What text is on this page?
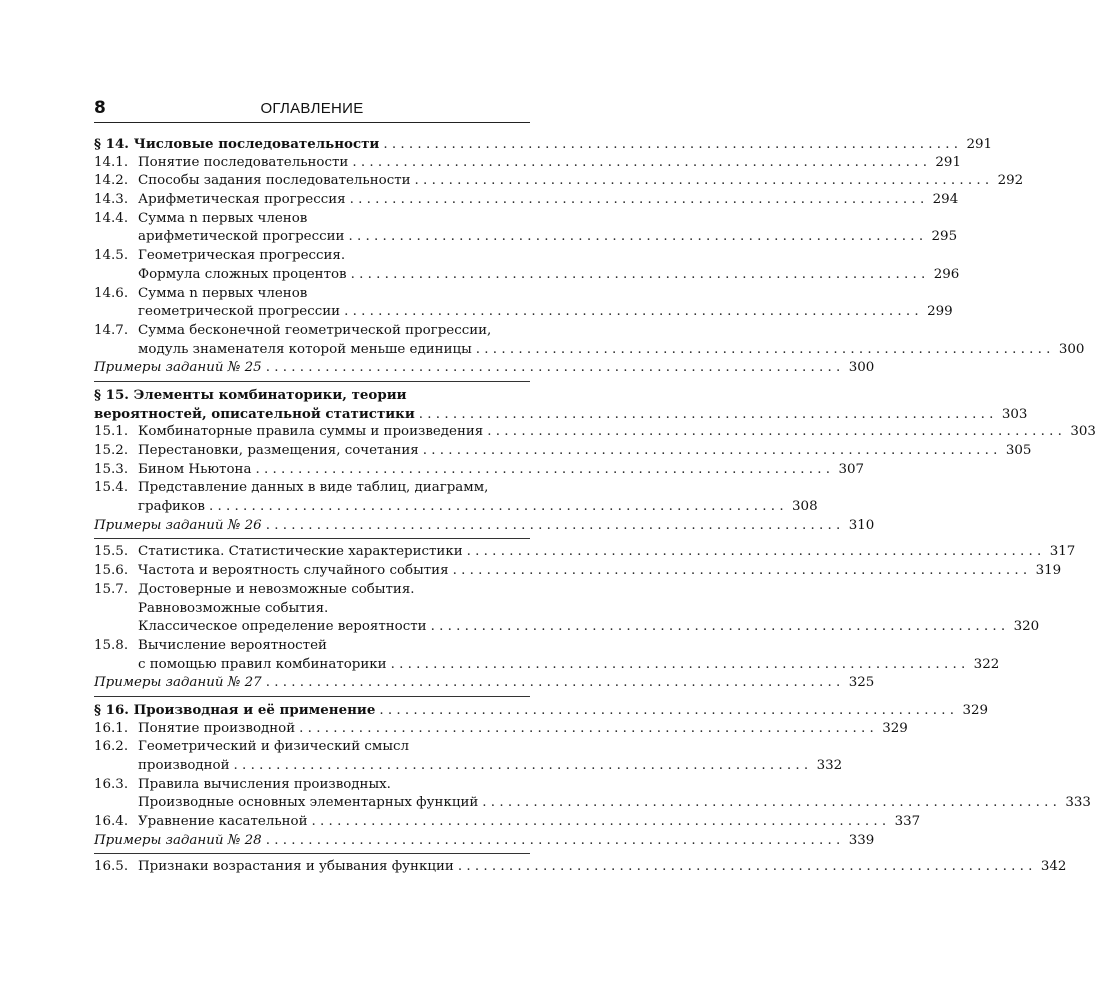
8	ОГЛАВЛЕНИЕ
§ 14. Числовые последовательности . . .	291
14.1. Понятие последовательности . . .	291
14.2. Способы задания последовательности . . .	292
14.3. Арифметическая прогрессия . . .	294
14.4. Сумма n первых членов
арифметической прогрессии . . .	295
14.5. Геометрическая прогрессия.
Формула сложных процентов . . .	296
14.6. Сумма n первых членов
геометрической прогрессии . . .	299
14.7. Сумма бесконечной геометрической прогрессии,
модуль знаменателя которой меньше единицы . . .	300
Примеры заданий № 25 . . .	300
§ 15. Элементы комбинаторики, теории
вероятностей, описательной статистики . . .	303
15.1. Комбинаторные правила суммы и произведения . . .	303
15.2. Перестановки, размещения, сочетания . . .	305
15.3. Бином Ньютона . . .	307
15.4. Представление данных в виде таблиц, диаграмм,
графиков . . .	308
Примеры заданий № 26 . . .	310
15.5. Статистика. Статистические характеристики . . .	317
15.6. Частота и вероятность случайного события . . .	319
15.7. Достоверные и невозможные события.
Равновозможные события.
Классическое определение вероятности . . .	320
15.8. Вычисление вероятностей
с помощью правил комбинаторики . . .	322
Примеры заданий № 27 . . .	325
§ 16. Производная и её применение . . .	329
16.1. Понятие производной . . .	329
16.2. Геометрический и физический смысл
производной . . .	332
16.3. Правила вычисления производных.
Производные основных элементарных функций . . .	333
16.4. Уравнение касательной . . .	337
Примеры заданий № 28 . . .	339
16.5. Признаки возрастания и убывания функции . . .	342
